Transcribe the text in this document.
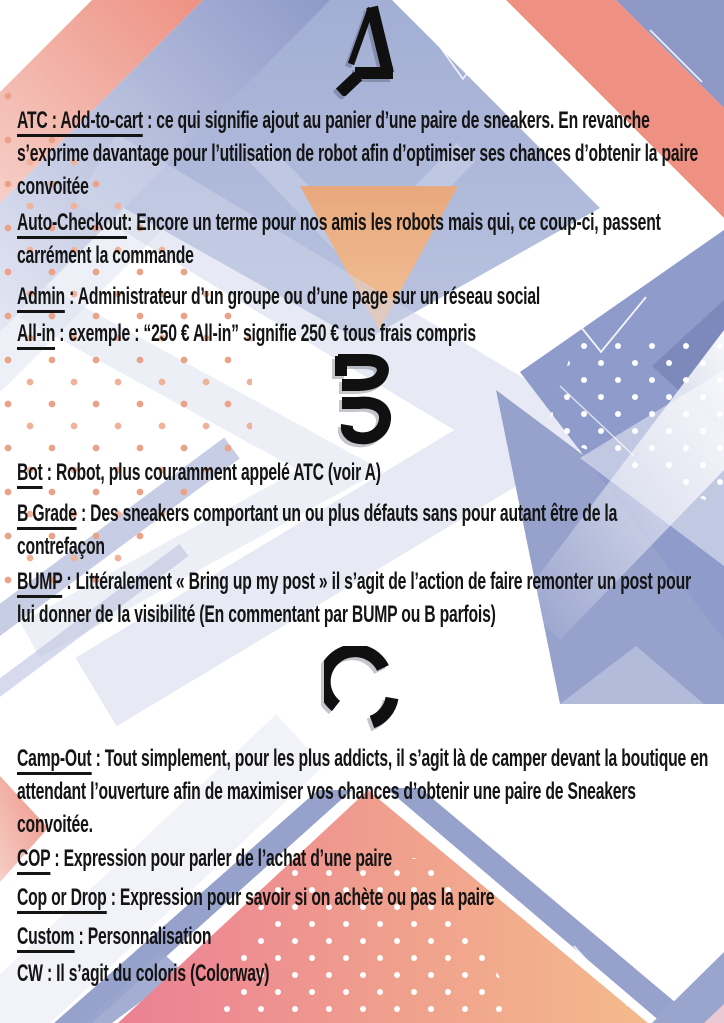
ATC : Add-to-cart : ce qui signifie ajout au panier d’une paire de sneakers. En revanche s’exprime davantage pour l’utilisation de robot afin d’optimiser ses chances d’obtenir la paire convoitée

Auto-Checkout: Encore un terme pour nos amis les robots mais qui, ce coup-ci, passent carrément la commande

Admin : Administrateur d’un groupe ou d’une page sur un réseau social

All-in : exemple : “250 € All-in” signifie 250 € tous frais compris

Bot : Robot, plus couramment appelé ATC (voir A)

B Grade : Des sneakers comportant un ou plus défauts sans pour autant être de la contrefaçon

BUMP : Littéralement « Bring up my post » il s’agit de l’action de faire remonter un post pour lui donner de la visibilité (En commentant par BUMP ou B parfois)

Camp-Out : Tout simplement, pour les plus addicts, il s’agit là de camper devant la boutique en attendant l’ouverture afin de maximiser vos chances d’obtenir une paire de Sneakers convoitée.

COP : Expression pour parler de l’achat d’une paire

Cop or Drop : Expression pour savoir si on achète ou pas la paire

Custom : Personnalisation

CW : Il s’agit du coloris (Colorway)
